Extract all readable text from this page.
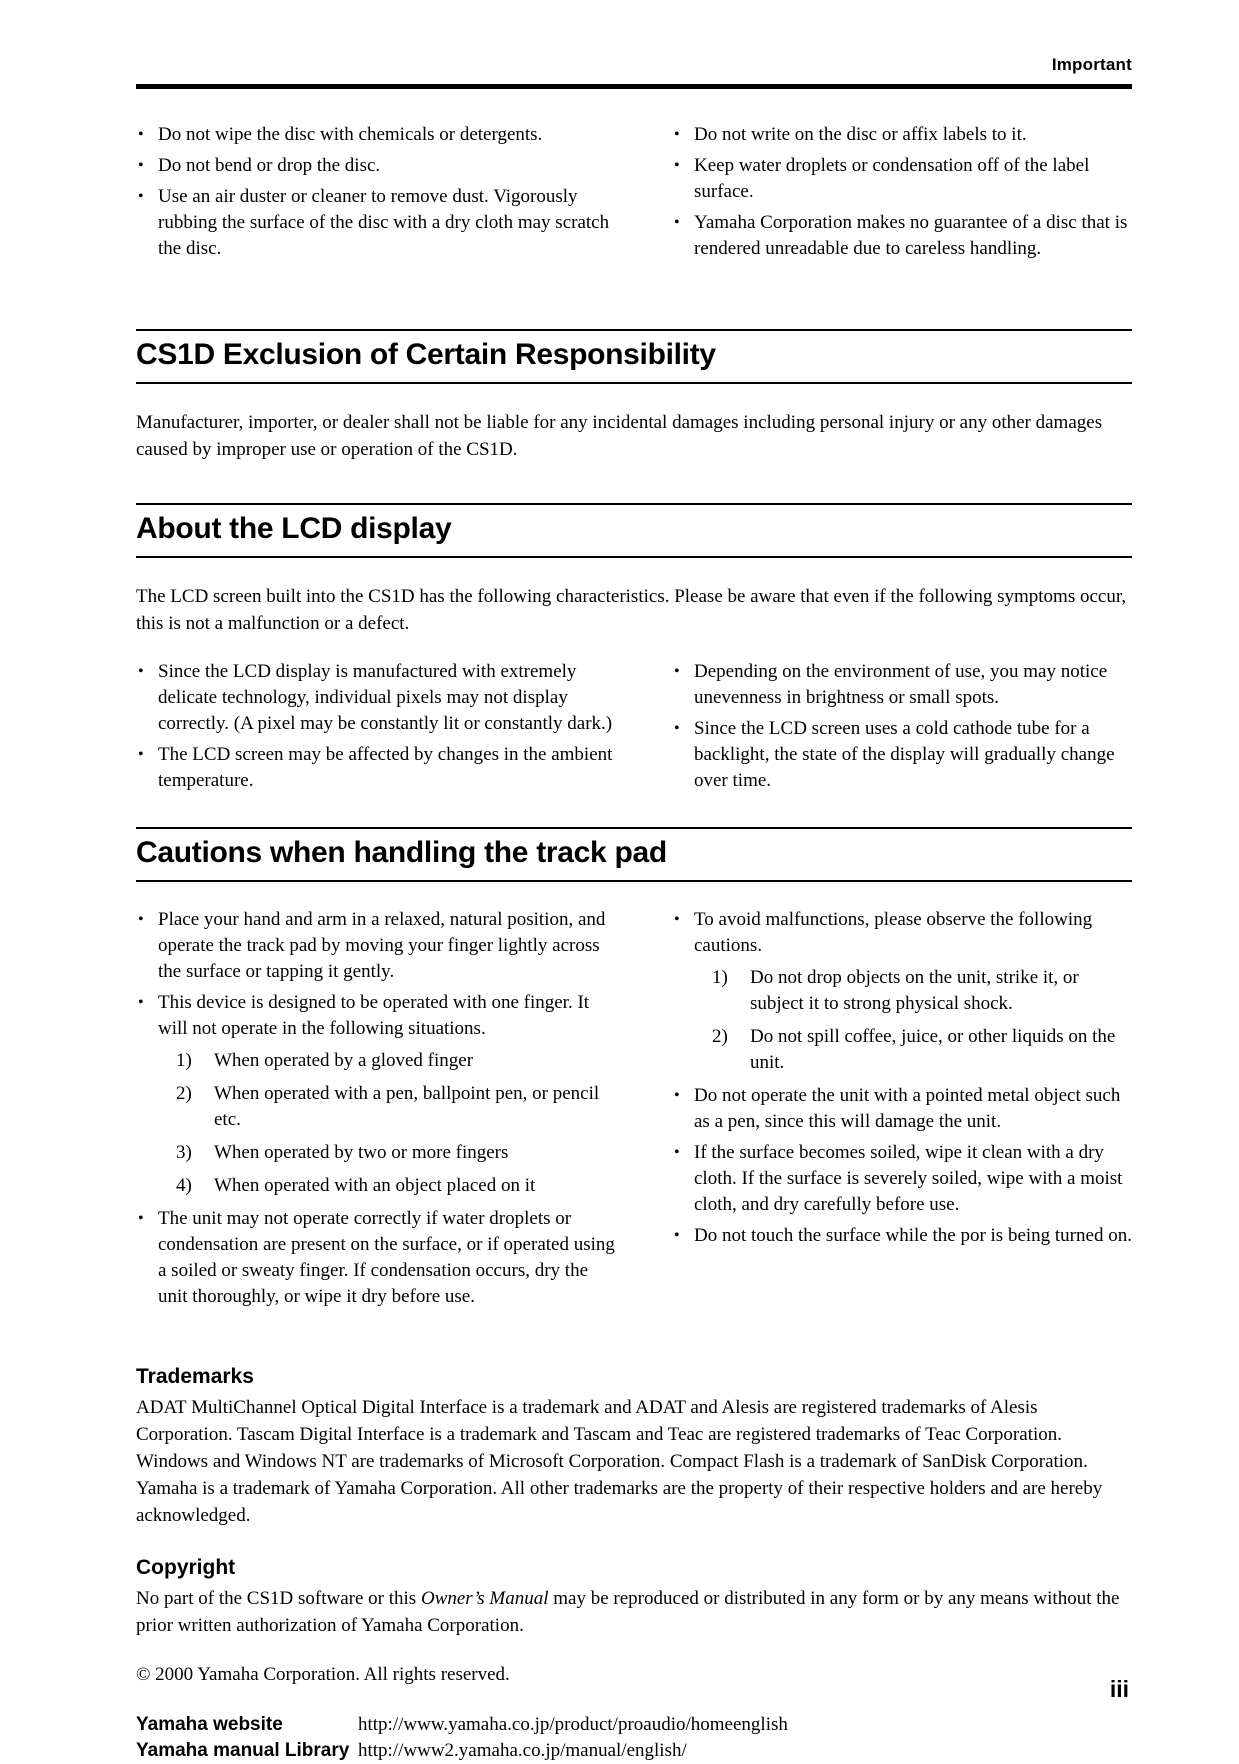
Important
• Do not wipe the disc with chemicals or detergents.
• Do not bend or drop the disc.
• Use an air duster or cleaner to remove dust. Vigorously rubbing the surface of the disc with a dry cloth may scratch the disc.
• Do not write on the disc or affix labels to it.
• Keep water droplets or condensation off of the label surface.
• Yamaha Corporation makes no guarantee of a disc that is rendered unreadable due to careless handling.
CS1D Exclusion of Certain Responsibility

Manufacturer, importer, or dealer shall not be liable for any incidental damages including personal injury or any other damages caused by improper use or operation of the CS1D.

About the LCD display

The LCD screen built into the CS1D has the following characteristics. Please be aware that even if the following symptoms occur, this is not a malfunction or a defect.

• Since the LCD display is manufactured with extremely delicate technology, individual pixels may not display correctly. (A pixel may be constantly lit or constantly dark.)
• The LCD screen may be affected by changes in the ambient temperature.
• Depending on the environment of use, you may notice unevenness in brightness or small spots.
• Since the LCD screen uses a cold cathode tube for a backlight, the state of the display will gradually change over time.
Cautions when handling the track pad
• Place your hand and arm in a relaxed, natural position, and operate the track pad by moving your finger lightly across the surface or tapping it gently.
• This device is designed to be operated with one finger. It will not operate in the following situations.
1) When operated by a gloved finger
2) When operated with a pen, ballpoint pen, or pencil etc.
3) When operated by two or more fingers
4) When operated with an object placed on it
• The unit may not operate correctly if water droplets or condensation are present on the surface, or if operated using a soiled or sweaty finger. If condensation occurs, dry the unit thoroughly, or wipe it dry before use.
• To avoid malfunctions, please observe the following cautions.
1) Do not drop objects on the unit, strike it, or subject it to strong physical shock.
2) Do not spill coffee, juice, or other liquids on the unit.
• Do not operate the unit with a pointed metal object such as a pen, since this will damage the unit.
• If the surface becomes soiled, wipe it clean with a dry cloth. If the surface is severely soiled, wipe with a moist cloth, and dry carefully before use.
• Do not touch the surface while the por is being turned on.
Trademarks

ADAT MultiChannel Optical Digital Interface is a trademark and ADAT and Alesis are registered trademarks of Alesis Corporation. Tascam Digital Interface is a trademark and Tascam and Teac are registered trademarks of Teac Corporation. Windows and Windows NT are trademarks of Microsoft Corporation. Compact Flash is a trademark of SanDisk Corporation. Yamaha is a trademark of Yamaha Corporation. All other trademarks are the property of their respective holders and are hereby acknowledged.

Copyright

No part of the CS1D software or this Owner’s Manual may be reproduced or distributed in any form or by any means without the prior written authorization of Yamaha Corporation.

© 2000 Yamaha Corporation. All rights reserved.

Yamaha website	http://www.yamaha.co.jp/product/proaudio/homeenglish
Yamaha manual Library http://www2.yamaha.co.jp/manual/english/
iii
